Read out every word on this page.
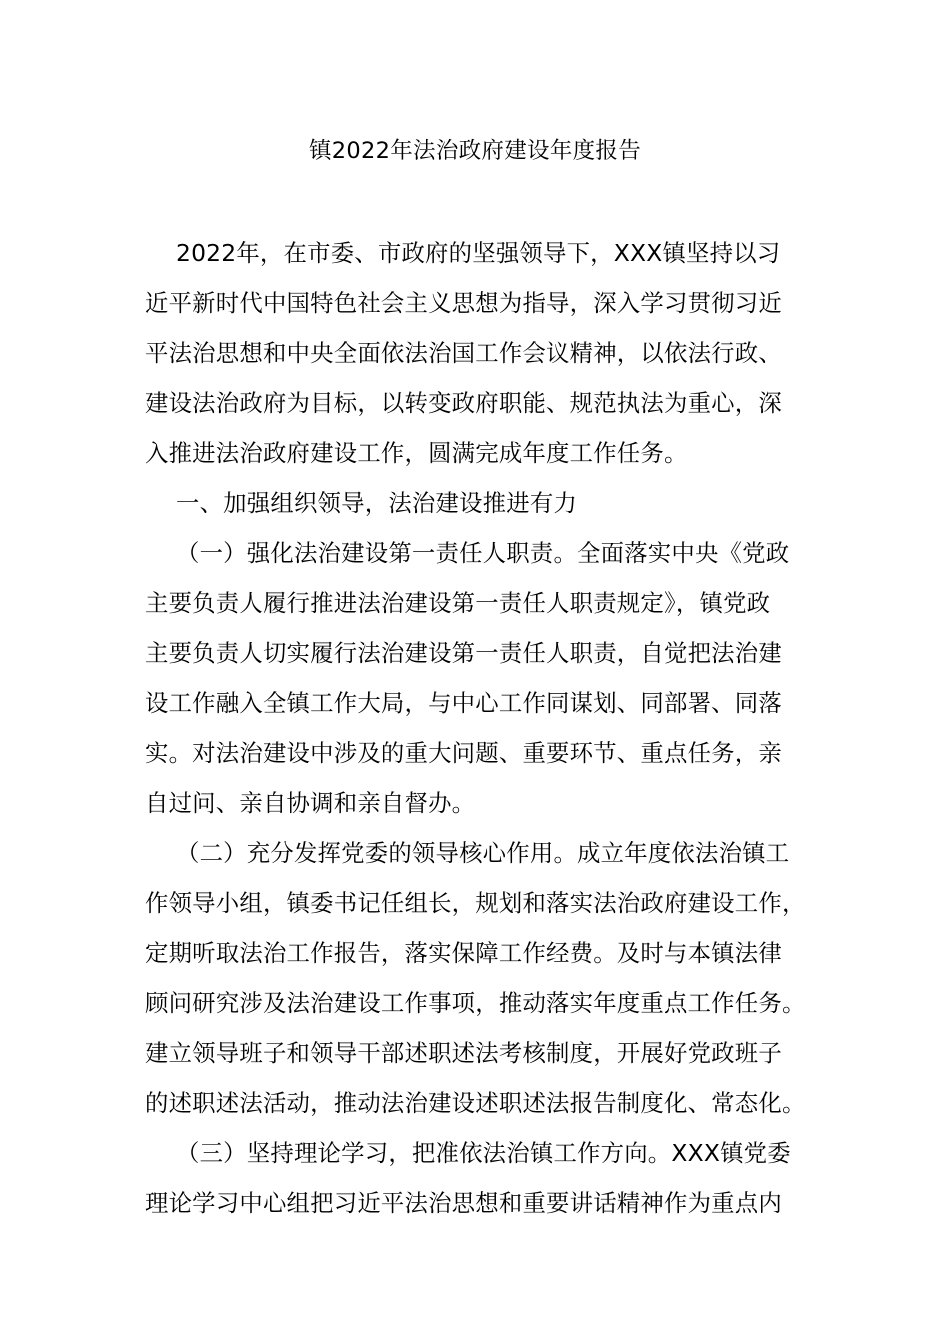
镇2022年法治政府建设年度报告
2022年，在市委、市政府的坚强领导下，XXX镇坚持以习
近平新时代中国特色社会主义思想为指导，深入学习贯彻习近
平法治思想和中央全面依法治国工作会议精神，以依法行政、
建设法治政府为目标，以转变政府职能、规范执法为重心，深
入推进法治政府建设工作，圆满完成年度工作任务。
一、加强组织领导，法治建设推进有力
（一）强化法治建设第一责任人职责。全面落实中央《党政
主要负责人履行推进法治建设第一责任人职责规定》，镇党政
主要负责人切实履行法治建设第一责任人职责，自觉把法治建
设工作融入全镇工作大局，与中心工作同谋划、同部署、同落
实。对法治建设中涉及的重大问题、重要环节、重点任务，亲
自过问、亲自协调和亲自督办。
（二）充分发挥党委的领导核心作用。成立年度依法治镇工
作领导小组，镇委书记任组长，规划和落实法治政府建设工作，
定期听取法治工作报告，落实保障工作经费。及时与本镇法律
顾问研究涉及法治建设工作事项，推动落实年度重点工作任务。
建立领导班子和领导干部述职述法考核制度，开展好党政班子
的述职述法活动，推动法治建设述职述法报告制度化、常态化。
（三）坚持理论学习，把准依法治镇工作方向。XXX镇党委
理论学习中心组把习近平法治思想和重要讲话精神作为重点内
